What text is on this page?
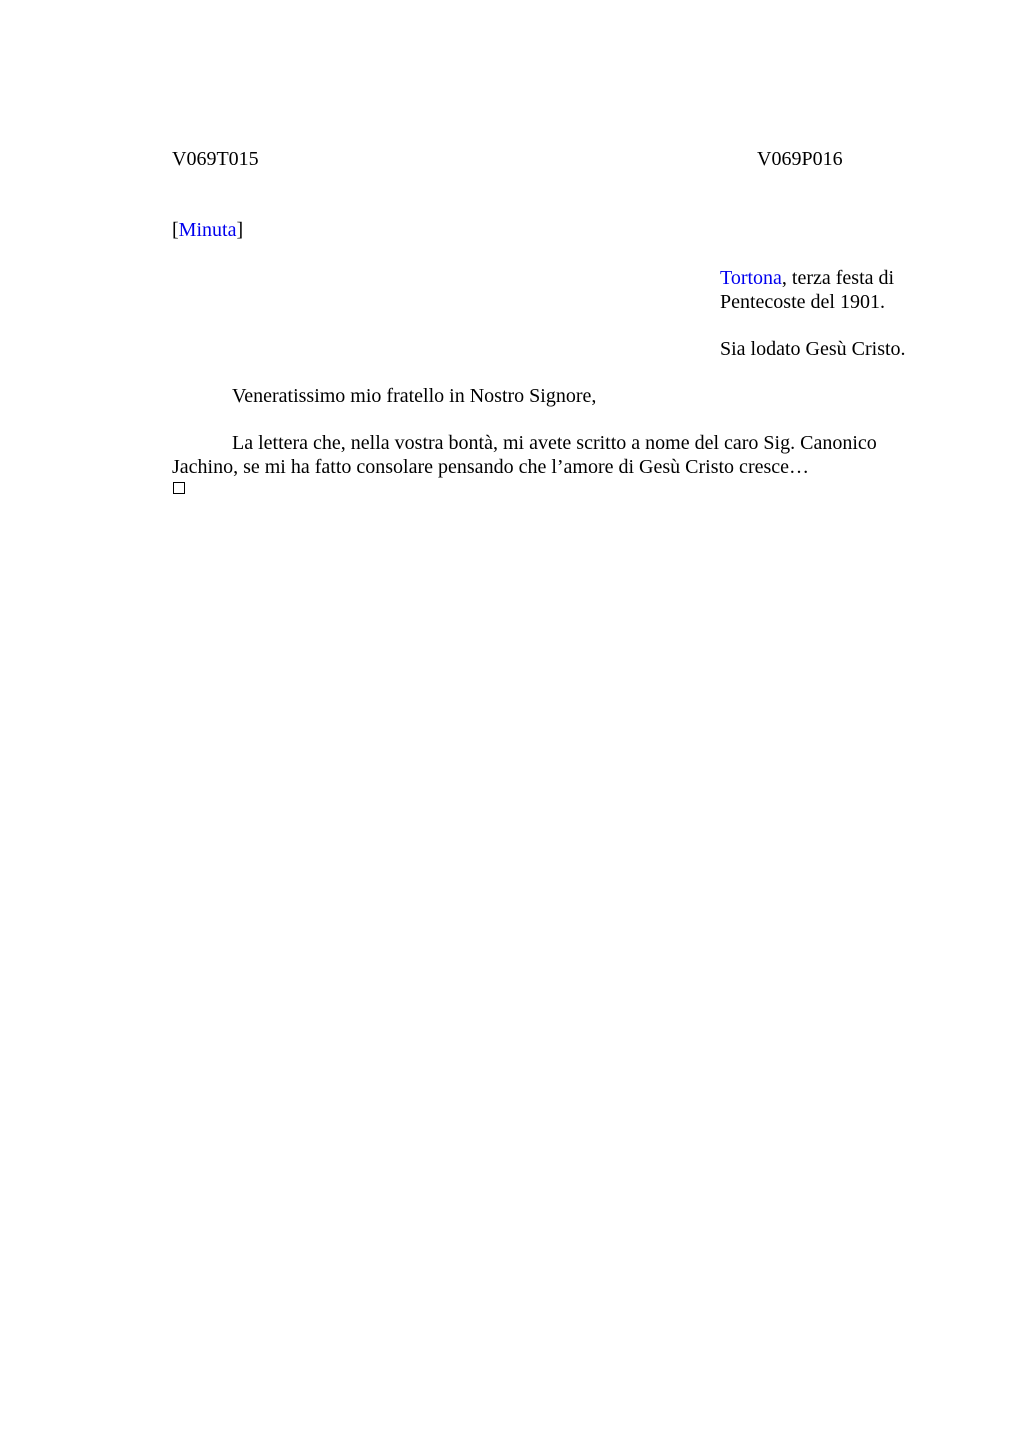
V069T015	V069P016
[Minuta]
Tortona, terza festa di Pentecoste del 1901.
Sia lodato Gesù Cristo.
Veneratissimo mio fratello in Nostro Signore,
La lettera che, nella vostra bontà, mi avete scritto a nome del caro Sig. Canonico Jachino, se mi ha fatto consolare pensando che l’amore di Gesù Cristo cresce…
